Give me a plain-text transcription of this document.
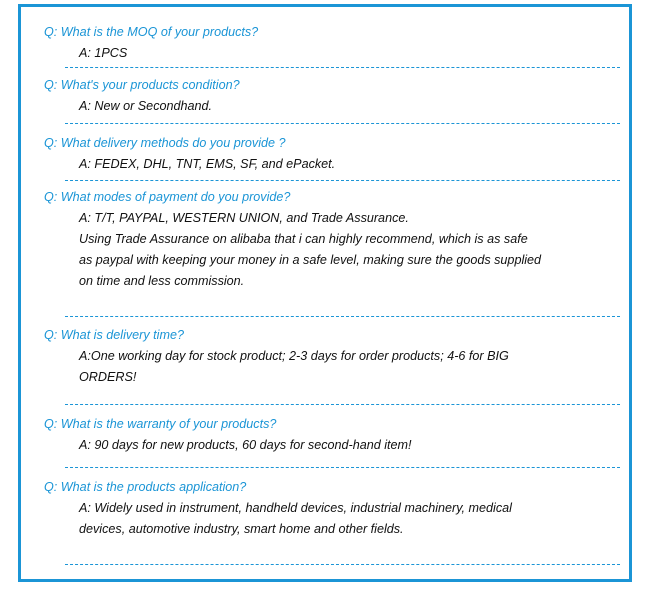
Q: What is the MOQ of your products?
A: 1PCS
Q: What's your products condition?
A: New or Secondhand.
Q: What delivery methods do you provide ?
A: FEDEX, DHL, TNT, EMS, SF, and ePacket.
Q: What modes of payment do you provide?
A: T/T, PAYPAL, WESTERN UNION, and Trade Assurance.
Using Trade Assurance on alibaba that i can highly recommend, which is as safe
as paypal with keeping your money in a safe level, making sure the goods supplied
on time and less commission.
Q: What is delivery time?
A:One working day for stock product; 2-3 days for order products; 4-6 for BIG
ORDERS!
Q: What is the warranty of your products?
A: 90 days for new products, 60 days for second-hand item!
Q: What is the products application?
A: Widely used in instrument, handheld devices, industrial machinery, medical
devices, automotive industry, smart home and other fields.
